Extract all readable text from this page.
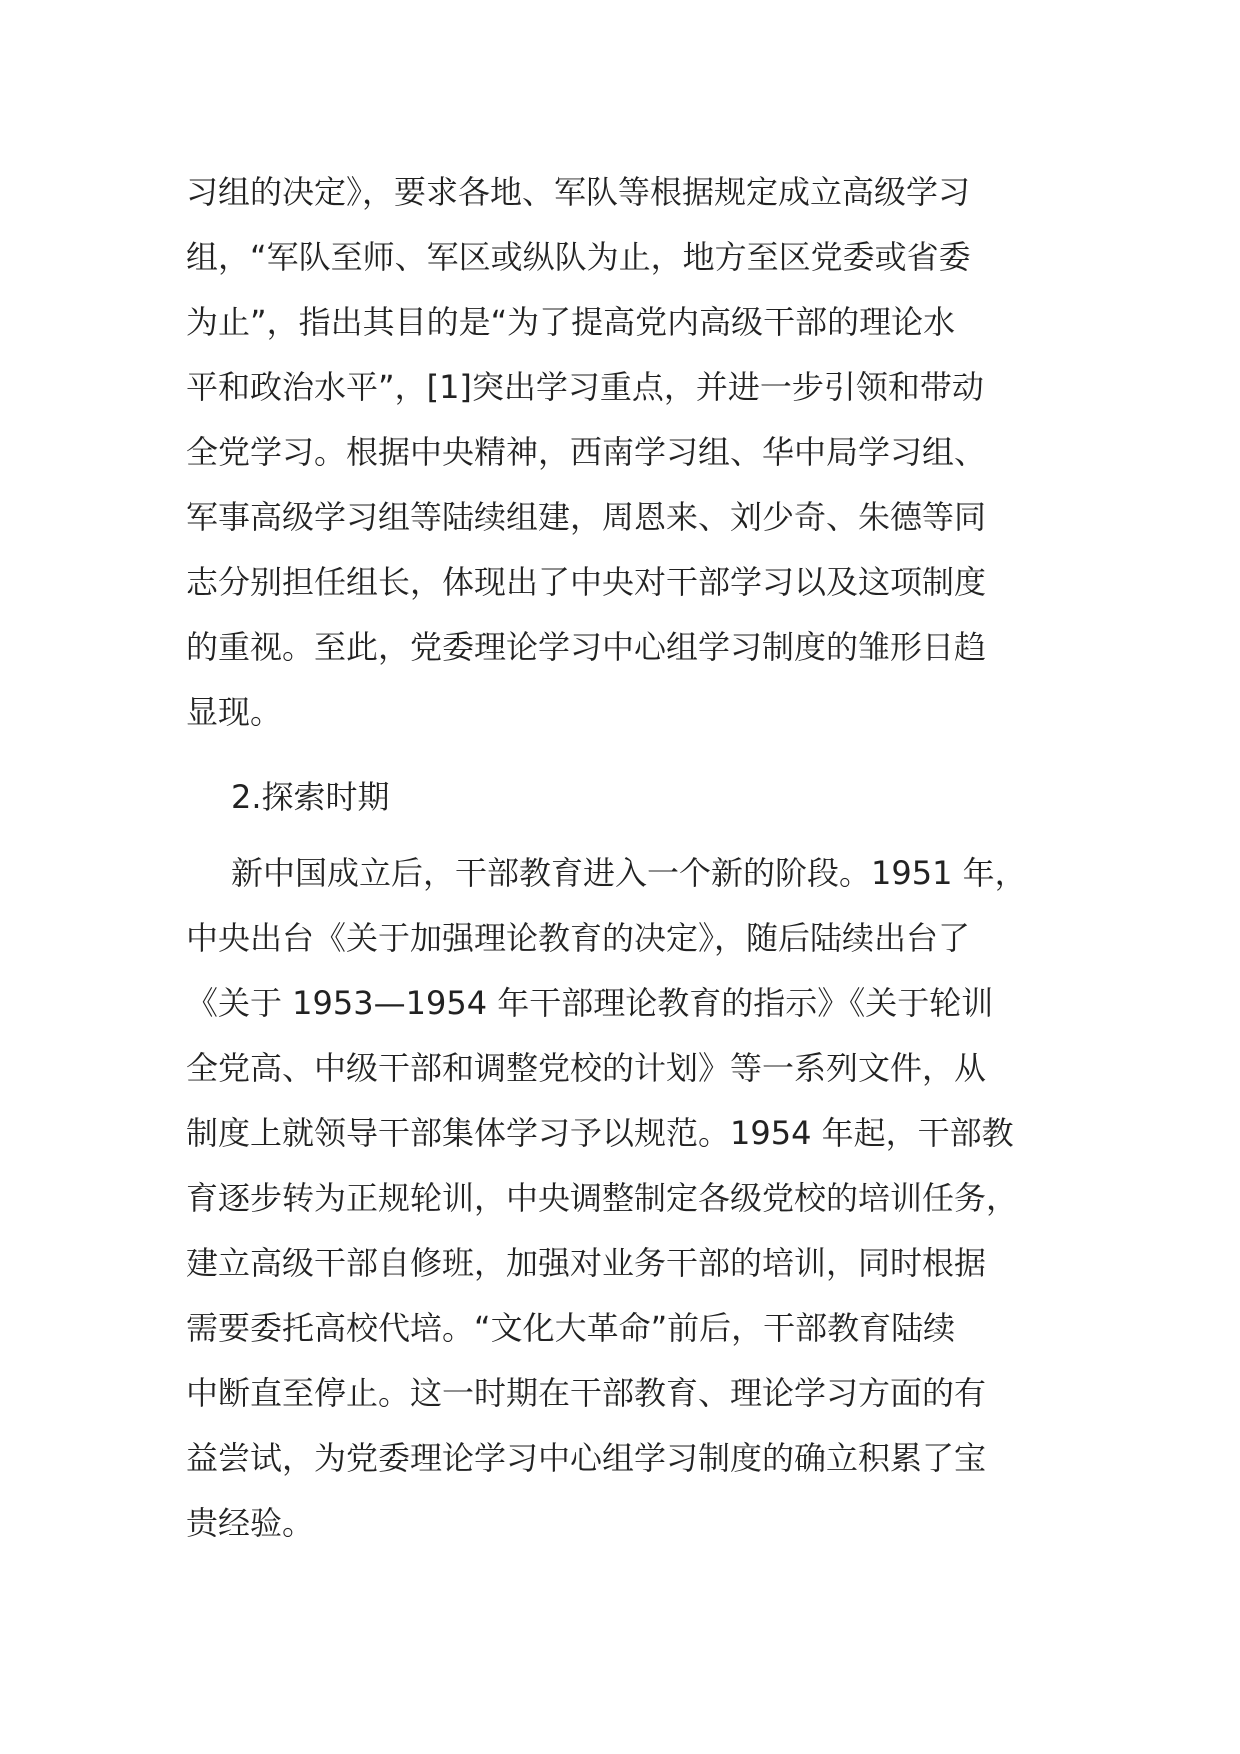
习组的决定》，要求各地、军队等根据规定成立高级学习
组，“军队至师、军区或纵队为止，地方至区党委或省委
为止”，指出其目的是“为了提高党内高级干部的理论水
平和政治水平”，[1]突出学习重点，并进一步引领和带动
全党学习。根据中央精神，西南学习组、华中局学习组、
军事高级学习组等陆续组建，周恩来、刘少奇、朱德等同
志分别担任组长，体现出了中央对干部学习以及这项制度
的重视。至此，党委理论学习中心组学习制度的雏形日趋
显现。
2.探索时期
新中国成立后，干部教育进入一个新的阶段。1951 年，
中央出台《关于加强理论教育的决定》，随后陆续出台了
《关于 1953—1954 年干部理论教育的指示》《关于轮训
全党高、中级干部和调整党校的计划》等一系列文件，从
制度上就领导干部集体学习予以规范。1954 年起，干部教
育逐步转为正规轮训，中央调整制定各级党校的培训任务，
建立高级干部自修班，加强对业务干部的培训，同时根据
需要委托高校代培。“文化大革命”前后，干部教育陆续
中断直至停止。这一时期在干部教育、理论学习方面的有
益尝试，为党委理论学习中心组学习制度的确立积累了宝
贵经验。
